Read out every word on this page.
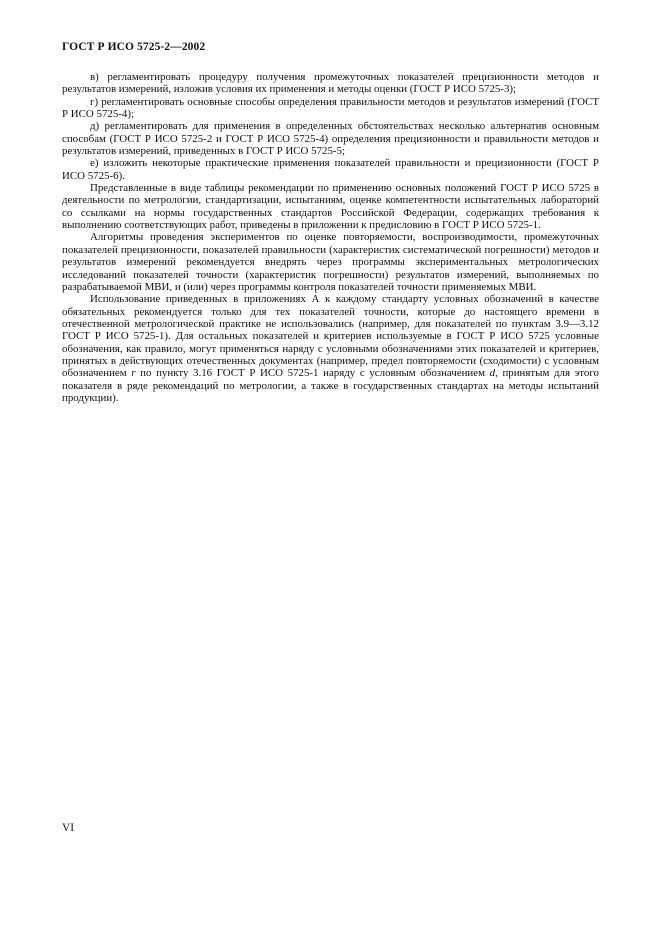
ГОСТ Р ИСО 5725-2—2002

в) регламентировать процедуру получения промежуточных показателей прецизионности методов и результатов измерений, изложив условия их применения и методы оценки (ГОСТ Р ИСО 5725-3);

г) регламентировать основные способы определения правильности методов и результатов измерений (ГОСТ Р ИСО 5725-4);

д) регламентировать для применения в определенных обстоятельствах несколько альтернатив основным способам (ГОСТ Р ИСО 5725-2 и ГОСТ Р ИСО 5725-4) определения прецизионности и правильности методов и результатов измерений, приведенных в ГОСТ Р ИСО 5725-5;

е) изложить некоторые практические применения показателей правильности и прецизионности (ГОСТ Р ИСО 5725-6).

Представленные в виде таблицы рекомендации по применению основных положений ГОСТ Р ИСО 5725 в деятельности по метрологии, стандартизации, испытаниям, оценке компетентности испытательных лабораторий со ссылками на нормы государственных стандартов Российской Федерации, содержащих требования к выполнению соответствующих работ, приведены в приложении к предисловию в ГОСТ Р ИСО 5725-1.

Алгоритмы проведения экспериментов по оценке повторяемости, воспроизводимости, промежуточных показателей прецизионности, показателей правильности (характеристик систематической погрешности) методов и результатов измерений рекомендуется внедрять через программы экспериментальных метрологических исследований показателей точности (характеристик погрешности) результатов измерений, выполняемых по разрабатываемой МВИ, и (или) через программы контроля показателей точности применяемых МВИ.

Использование приведенных в приложениях А к каждому стандарту условных обозначений в качестве обязательных рекомендуется только для тех показателей точности, которые до настоящего времени в отечественной метрологической практике не использовались (например, для показателей по пунктам 3.9—3.12 ГОСТ Р ИСО 5725-1). Для остальных показателей и критериев используемые в ГОСТ Р ИСО 5725 условные обозначения, как правило, могут применяться наряду с условными обозначениями этих показателей и критериев, принятых в действующих отечественных документах (например, предел повторяемости (сходимости) с условным обозначением r по пункту 3.16 ГОСТ Р ИСО 5725-1 наряду с условным обозначением d, принятым для этого показателя в ряде рекомендаций по метрологии, а также в государственных стандартах на методы испытаний продукции).

VI
